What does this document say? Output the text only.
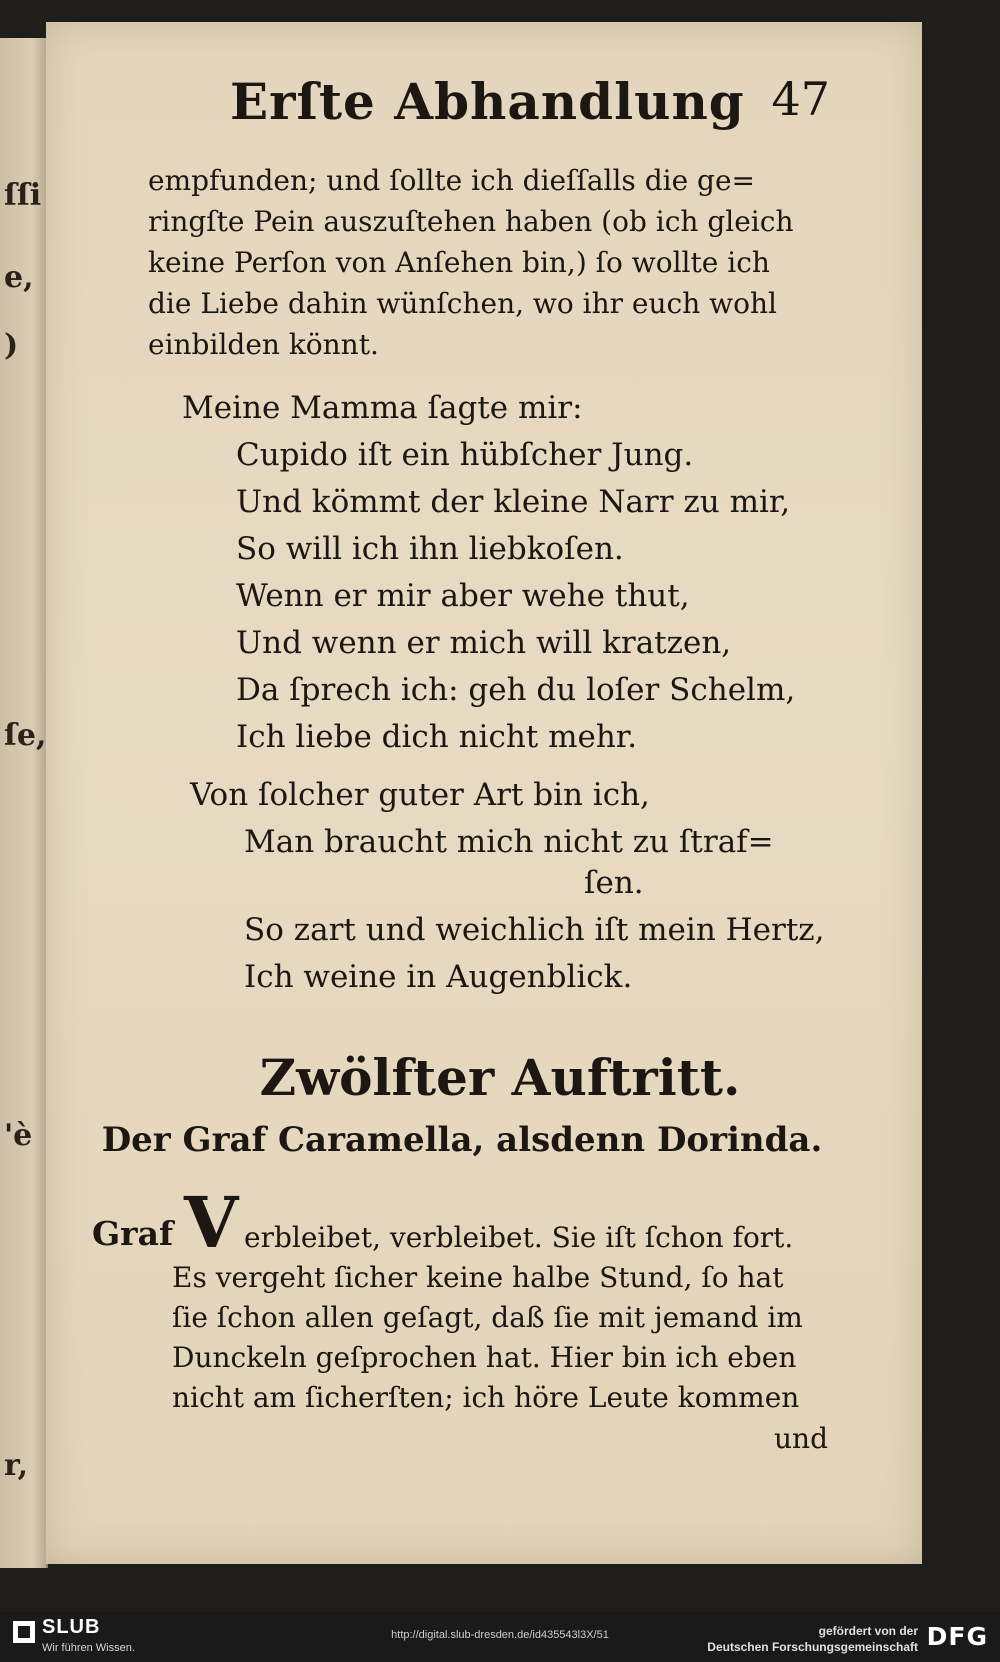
ſſi
e,
)
ſe,
'è
r,
Erſte Abhandlung 47
empfunden; und ſollte ich dieſſalls die ge=
ringſte Pein auszuſtehen haben (ob ich gleich
keine Perſon von Anſehen bin,) ſo wollte ich
die Liebe dahin wünſchen, wo ihr euch wohl
einbilden könnt.
Meine Mamma ſagte mir:
Cupido iſt ein hübſcher Jung.
Und kömmt der kleine Narr zu mir,
So will ich ihn liebkoſen.
Wenn er mir aber wehe thut,
Und wenn er mich will kratzen,
Da ſprech ich: geh du loſer Schelm,
Ich liebe dich nicht mehr.
Von ſolcher guter Art bin ich,
Man braucht mich nicht zu ſtraf=
ſen.
So zart und weichlich iſt mein Hertz,
Ich weine in Augenblick.
Zwölfter Auftritt.
Der Graf Caramella, alsdenn Dorinda.
Graf V erbleibet, verbleibet. Sie iſt ſchon fort.
Es vergeht ſicher keine halbe Stund, ſo hat
ſie ſchon allen geſagt, daß ſie mit jemand im
Dunckeln geſprochen hat. Hier bin ich eben
nicht am ſicherſten; ich höre Leute kommen
und
SLUB
Wir führen Wissen.
http://digital.slub-dresden.de/id435543l3X/51	gefördert von der
Deutschen Forschungsgemeinschaft DFG
